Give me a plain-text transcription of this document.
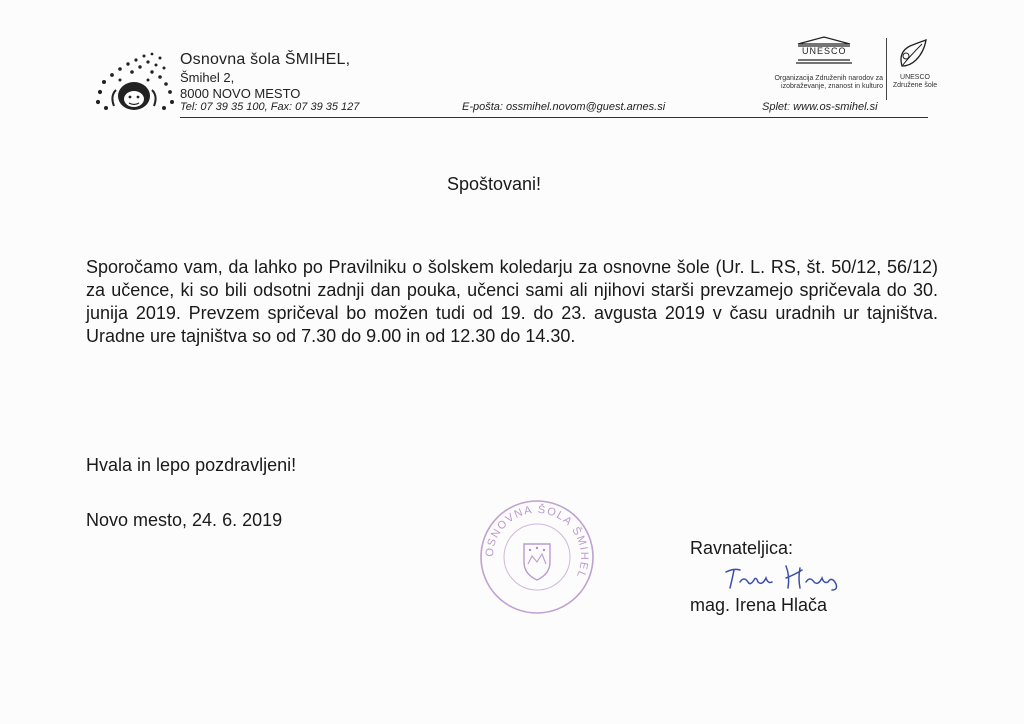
Osnovna šola ŠMIHEL,
Šmihel 2,
8000 NOVO MESTO
UNESCO
Organizacija Združenih narodov za izobraževanje, znanost in kulturo
UNESCO Združene šole
Tel: 07 39 35 100, Fax: 07 39 35 127	E-pošta: ossmihel.novom@guest.arnes.si	Spletː www.os-smihel.si
Spoštovani!
Sporočamo vam, da lahko po Pravilniku o šolskem koledarju za osnovne šole (Ur. L. RS, št. 50/12, 56/12) za učence, ki so bili odsotni zadnji dan pouka, učenci sami ali njihovi starši prevzamejo spričevala do 30. junija 2019. Prevzem spričeval bo možen tudi od 19. do 23. avgusta 2019 v času uradnih ur tajništva. Uradne ure tajništva so od 7.30 do 9.00 in od 12.30 do 14.30.
Hvala in lepo pozdravljeni!
Novo mesto, 24. 6. 2019
OSNOVNA ŠOLA ŠMIHEL
Ravnateljica:
mag. Irena Hlača
